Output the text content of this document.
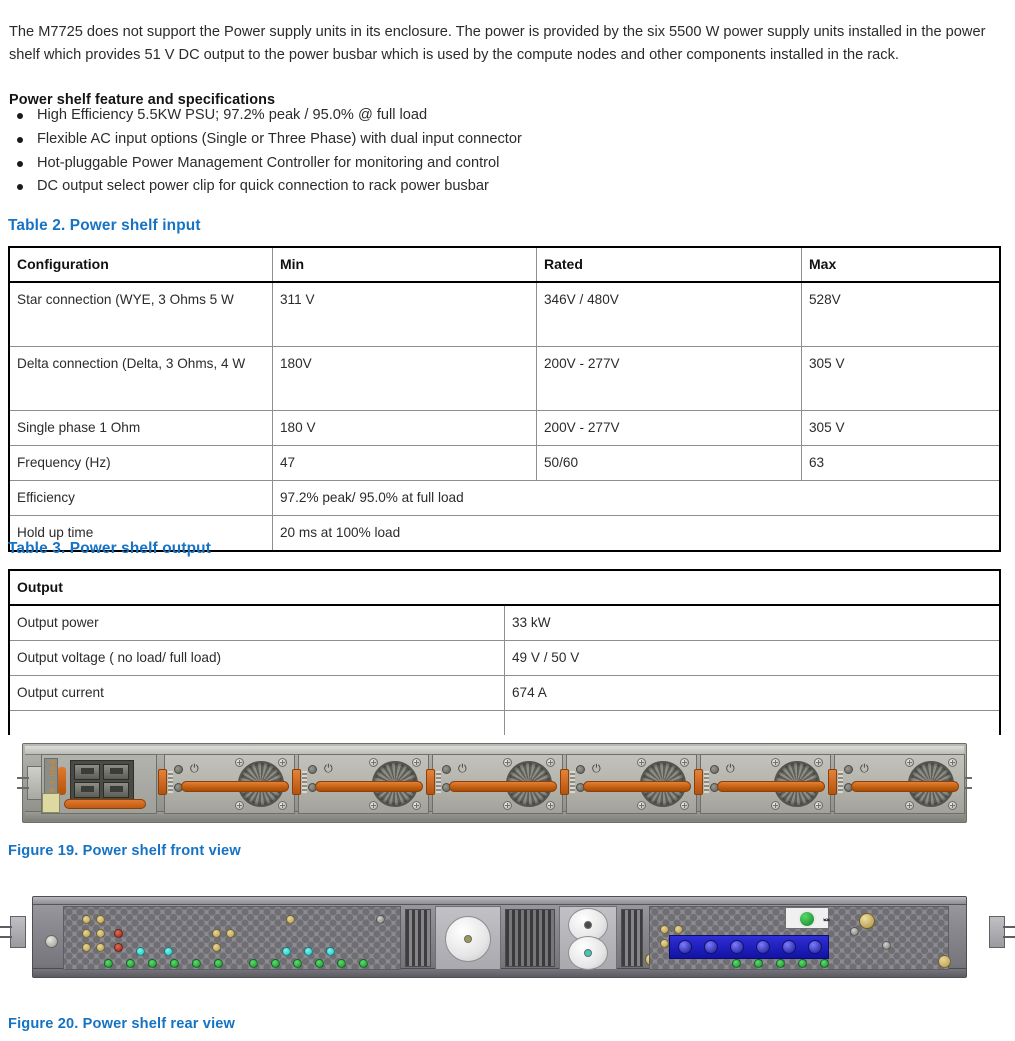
The M7725 does not support the Power supply units in its enclosure. The power is provided by the six 5500 W power supply units installed in the power shelf which provides 51 V DC output to the power busbar which is used by the compute nodes and other components installed in the rack.

Power shelf feature and specifications
High Efficiency 5.5KW PSU; 97.2% peak / 95.0% @ full load
Flexible AC input options (Single or Three Phase) with dual input connector
Hot-pluggable Power Management Controller for monitoring and control
DC output select power clip for quick connection to rack power busbar
Table 2. Power shelf input
Configuration	Min	Rated	Max
Star connection (WYE, 3 Ohms 5 W	311 V	346V / 480V	528V
Delta connection (Delta, 3 Ohms, 4 W	180V	200V - 277V	305 V
Single phase 1 Ohm	180 V	200V - 277V	305 V
Frequency (Hz)	47	50/60	63
Efficiency	97.2% peak/ 95.0% at full load		
Hold up time	20 ms at 100% load		
Table 3. Power shelf output
Output	
Output power	33 kW
Output voltage ( no load/ full load)	49 V / 50 V
Output current	674 A

PSU 1 6	⏻	⏻	⏻	⏻	⏻	⏻
Figure 19. Power shelf front view
⏕
Figure 20. Power shelf rear view
